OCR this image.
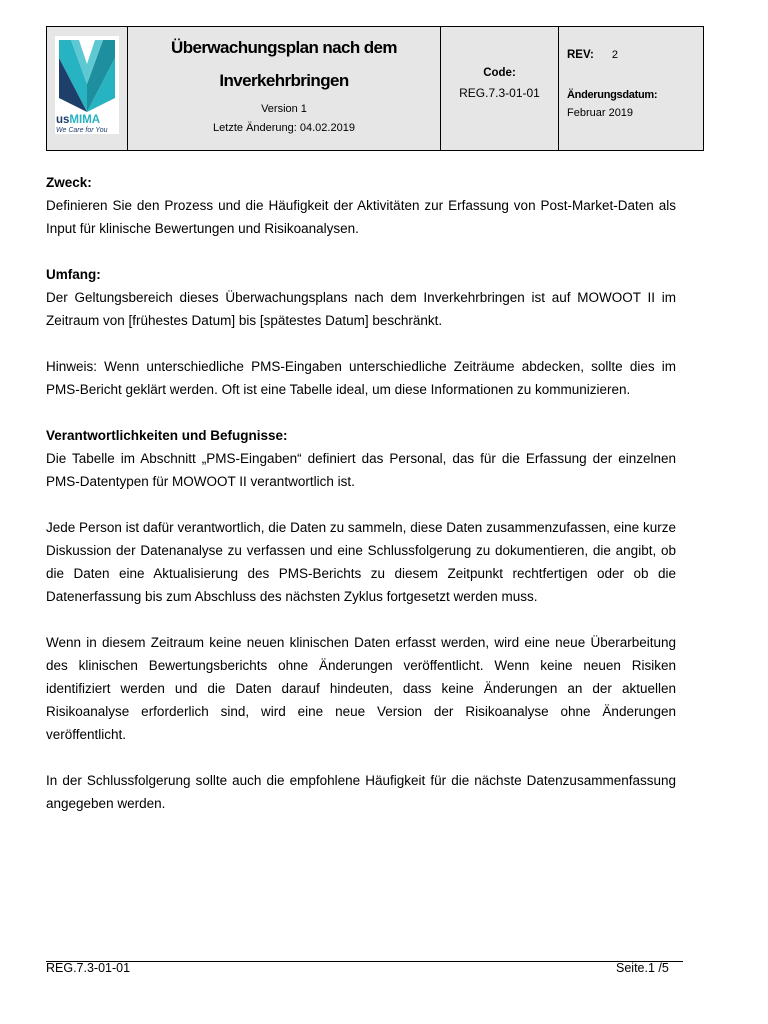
usMIMA
We Care for You

Überwachungsplan nach dem
Inverkehrbringen
Version 1
Letzte Änderung: 04.02.2019

Code:
REG.7.3-01-01

REV: 2
Änderungsdatum:
Februar 2019

Zweck:

Definieren Sie den Prozess und die Häufigkeit der Aktivitäten zur Erfassung von Post-Market-Daten als Input für klinische Bewertungen und Risikoanalysen.

Umfang:

Der Geltungsbereich dieses Überwachungsplans nach dem Inverkehrbringen ist auf MOWOOT II im Zeitraum von [frühestes Datum] bis [spätestes Datum] beschränkt.

Hinweis: Wenn unterschiedliche PMS-Eingaben unterschiedliche Zeiträume abdecken, sollte dies im PMS-Bericht geklärt werden. Oft ist eine Tabelle ideal, um diese Informationen zu kommunizieren.

Verantwortlichkeiten und Befugnisse:

Die Tabelle im Abschnitt „PMS-Eingaben“ definiert das Personal, das für die Erfassung der einzelnen PMS-Datentypen für MOWOOT II verantwortlich ist.

Jede Person ist dafür verantwortlich, die Daten zu sammeln, diese Daten zusammenzufassen, eine kurze Diskussion der Datenanalyse zu verfassen und eine Schlussfolgerung zu dokumentieren, die angibt, ob die Daten eine Aktualisierung des PMS-Berichts zu diesem Zeitpunkt rechtfertigen oder ob die Datenerfassung bis zum Abschluss des nächsten Zyklus fortgesetzt werden muss.

Wenn in diesem Zeitraum keine neuen klinischen Daten erfasst werden, wird eine neue Überarbeitung des klinischen Bewertungsberichts ohne Änderungen veröffentlicht. Wenn keine neuen Risiken identifiziert werden und die Daten darauf hindeuten, dass keine Änderungen an der aktuellen Risikoanalyse erforderlich sind, wird eine neue Version der Risikoanalyse ohne Änderungen veröffentlicht.

In der Schlussfolgerung sollte auch die empfohlene Häufigkeit für die nächste Datenzusammenfassung angegeben werden.

REG.7.3-01-01	Seite.1 /5
